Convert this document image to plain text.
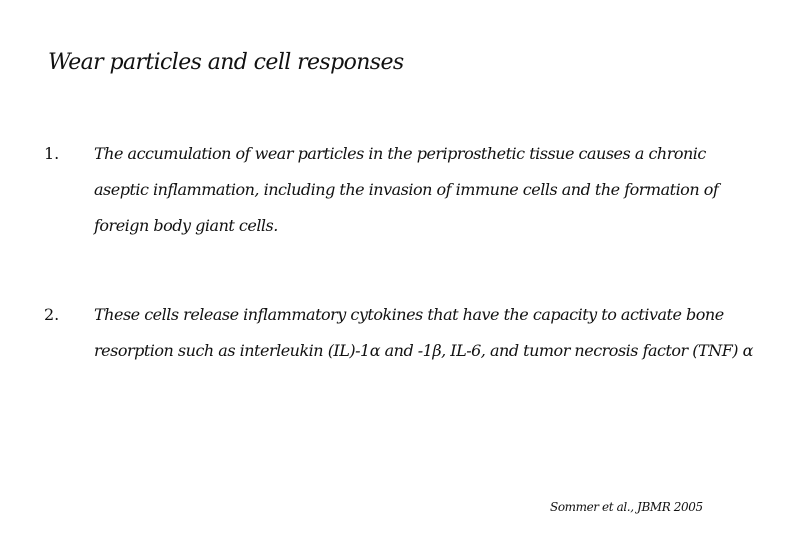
Wear particles and cell responses
1. The accumulation of wear particles in the periprosthetic tissue causes a chronic aseptic inflammation, including the invasion of immune cells and the formation of foreign body giant cells.
2. These cells release inflammatory cytokines that have the capacity to activate bone resorption such as interleukin (IL)-1α and -1β, IL-6, and tumor necrosis factor (TNF) α
Sommer et al., JBMR 2005
